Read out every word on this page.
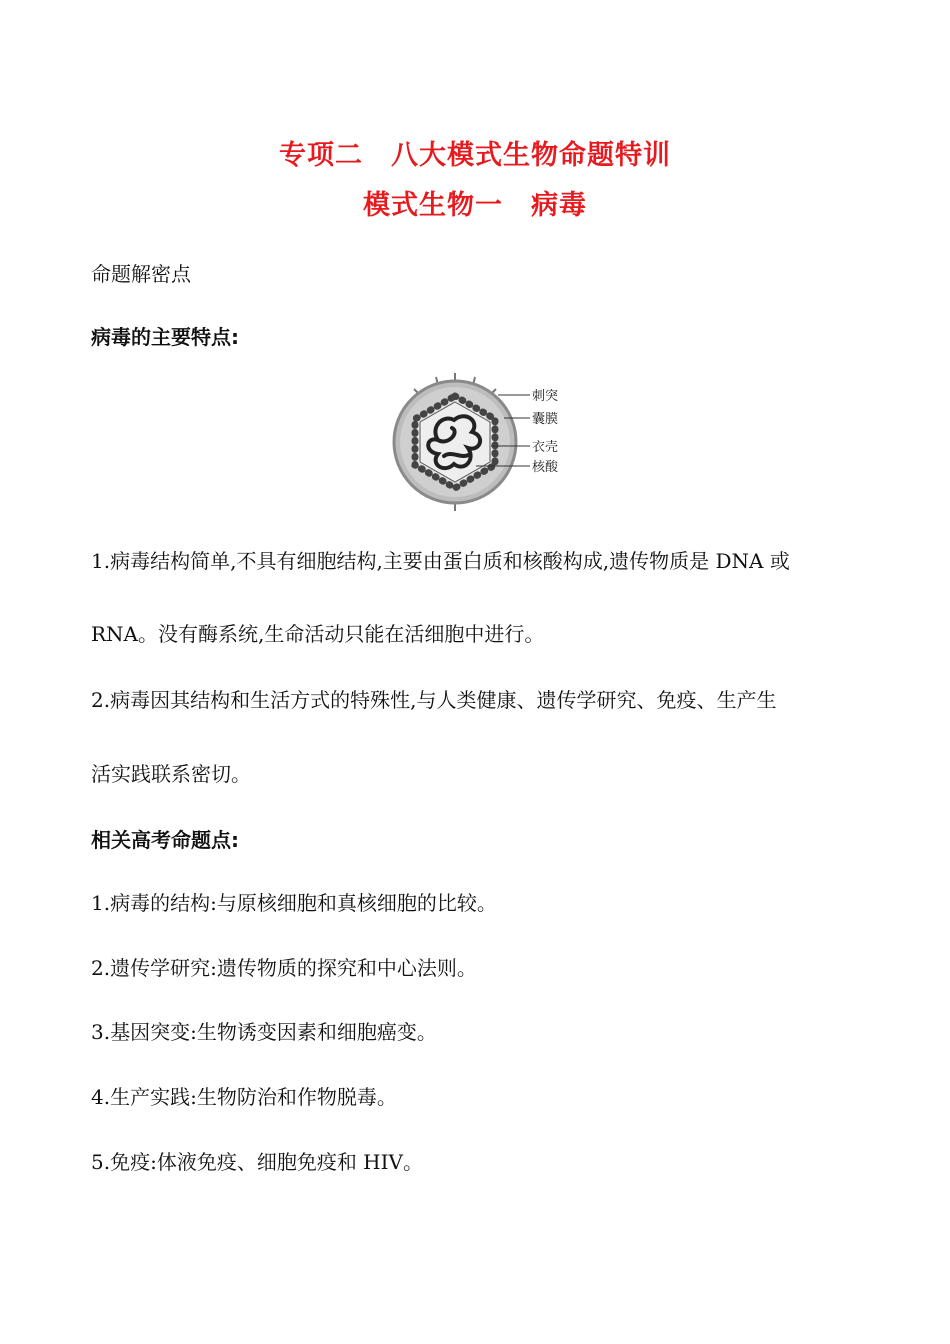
专项二　八大模式生物命题特训
模式生物一　病毒
命题解密点
病毒的主要特点:
刺突
囊膜
衣壳
核酸
1.病毒结构简单,不具有细胞结构,主要由蛋白质和核酸构成,遗传物质是 DNA 或
RNA。没有酶系统,生命活动只能在活细胞中进行。
2.病毒因其结构和生活方式的特殊性,与人类健康、遗传学研究、免疫、生产生
活实践联系密切。
相关高考命题点:
1.病毒的结构:与原核细胞和真核细胞的比较。
2.遗传学研究:遗传物质的探究和中心法则。
3.基因突变:生物诱变因素和细胞癌变。
4.生产实践:生物防治和作物脱毒。
5.免疫:体液免疫、细胞免疫和 HIV。
